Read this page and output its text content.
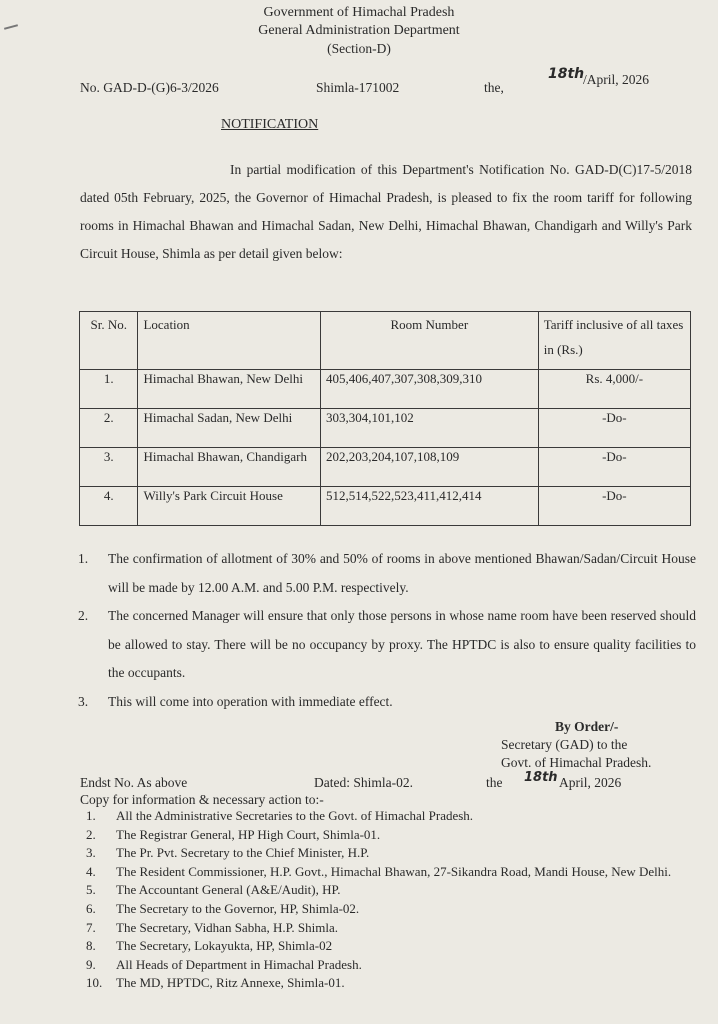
Government of Himachal Pradesh
General Administration Department
(Section-D)
No. GAD-D-(G)6-3/2026	Shimla-171002	the,
18th
/April, 2026
NOTIFICATION
In partial modification of this Department's Notification No. GAD-D(C)17-5/2018 dated 05th February, 2025, the Governor of Himachal Pradesh, is pleased to fix the room tariff for following rooms in Himachal Bhawan and Himachal Sadan, New Delhi, Himachal Bhawan, Chandigarh and Willy's Park Circuit House, Shimla as per detail given below:
Sr. No.	Location	Room Number	Tariff inclusive of all taxes in (Rs.)
1.	Himachal Bhawan, New Delhi	405,406,407,307,308,309,310	Rs. 4,000/-
2.	Himachal Sadan, New Delhi	303,304,101,102	-Do-
3.	Himachal Bhawan, Chandigarh	202,203,204,107,108,109	-Do-
4.	Willy's Park Circuit House	512,514,522,523,411,412,414	-Do-
1. The confirmation of allotment of 30% and 50% of rooms in above mentioned Bhawan/Sadan/Circuit House will be made by 12.00 A.M. and 5.00 P.M. respectively.
2. The concerned Manager will ensure that only those persons in whose name room have been reserved should be allowed to stay. There will be no occupancy by proxy. The HPTDC is also to ensure quality facilities to the occupants.
3. This will come into operation with immediate effect.
By Order/-
Secretary (GAD) to the
Govt. of Himachal Pradesh.
Endst No. As above	Dated: Shimla-02.	the 18th April, 2026
Copy for information & necessary action to:-
1.	All the Administrative Secretaries to the Govt. of Himachal Pradesh.
2.	The Registrar General, HP High Court, Shimla-01.
3.	The Pr. Pvt. Secretary to the Chief Minister, H.P.
4.	The Resident Commissioner, H.P. Govt., Himachal Bhawan, 27-Sikandra Road, Mandi House, New Delhi.
5.	The Accountant General (A&E/Audit), HP.
6.	The Secretary to the Governor, HP, Shimla-02.
7.	The Secretary, Vidhan Sabha, H.P. Shimla.
8.	The Secretary, Lokayukta, HP, Shimla-02
9.	All Heads of Department in Himachal Pradesh.
10.	The MD, HPTDC, Ritz Annexe, Shimla-01.
